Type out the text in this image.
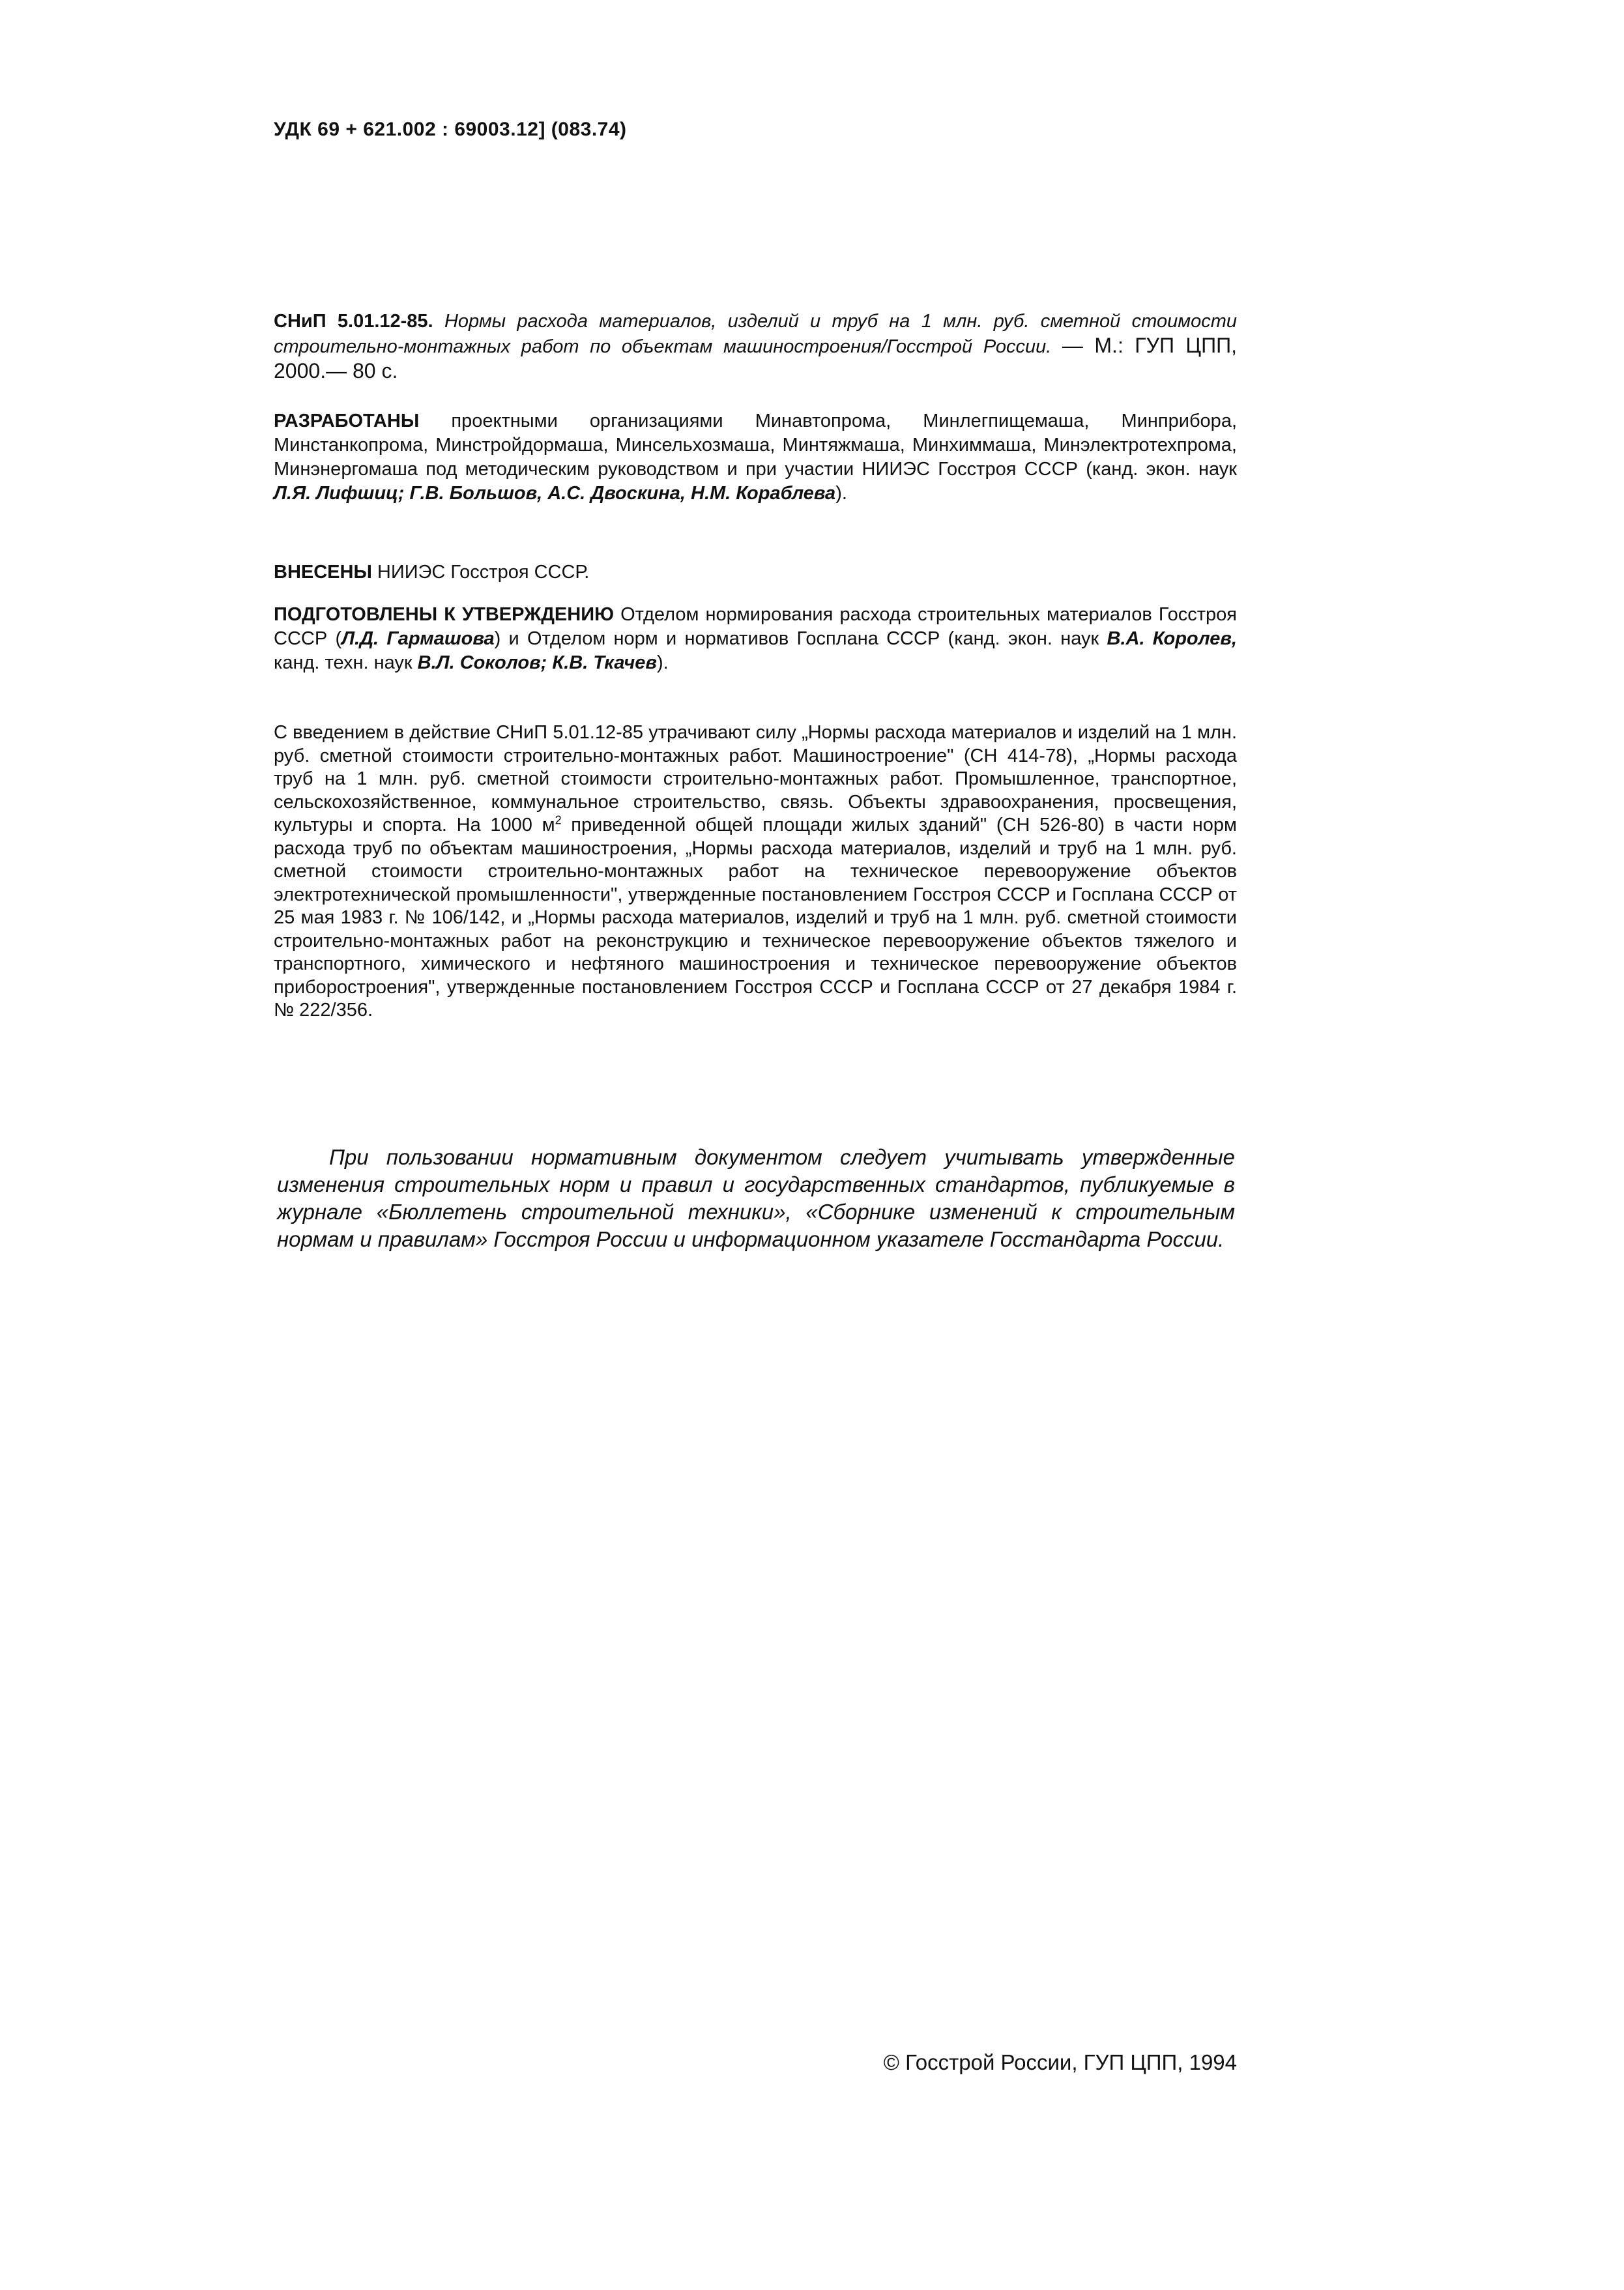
УДК 69 + 621.002 : 69003.12] (083.74)
СНиП 5.01.12-85. Нормы расхода материалов, изделий и труб на 1 млн. руб. сметной стоимости строительно-монтажных работ по объектам машиностроения/Госстрой России. — М.: ГУП ЦПП, 2000.— 80 с.
РАЗРАБОТАНЫ проектными организациями Минавтопрома, Минлегпищемаша, Минприбора, Минстанкопрома, Минстройдормаша, Минсельхозмаша, Минтяжмаша, Минхиммаша, Минэлектротехпрома, Минэнергомаша под методическим руководством и при участии НИИЭС Госстроя СССР (канд. экон. наук Л.Я. Лифшиц; Г.В. Большов, А.С. Двоскина, Н.М. Кораблева).
ВНЕСЕНЫ НИИЭС Госстроя СССР.
ПОДГОТОВЛЕНЫ К УТВЕРЖДЕНИЮ Отделом нормирования расхода строительных материалов Госстроя СССР (Л.Д. Гармашова) и Отделом норм и нормативов Госплана СССР (канд. экон. наук В.А. Королев, канд. техн. наук В.Л. Соколов; К.В. Ткачев).
С введением в действие СНиП 5.01.12-85 утрачивают силу „Нормы расхода материалов и изделий на 1 млн. руб. сметной стоимости строительно-монтажных работ. Машиностроение" (СН 414-78), „Нормы расхода труб на 1 млн. руб. сметной стоимости строительно-монтажных работ. Промышленное, транспортное, сельскохозяйственное, коммунальное строительство, связь. Объекты здравоохранения, просвещения, культуры и спорта. На 1000 $м^2$ приведенной общей площади жилых зданий" (СН 526-80) в части норм расхода труб по объектам машиностроения, „Нормы расхода материалов, изделий и труб на 1 млн. руб. сметной стоимости строительно-монтажных работ на техническое перевооружение объектов электротехнической промышленности", утвержденные постановлением Госстроя СССР и Госплана СССР от 25 мая 1983 г. № 106/142, и „Нормы расхода материалов, изделий и труб на 1 млн. руб. сметной стоимости строительно-монтажных работ на реконструкцию и техническое перевооружение объектов тяжелого и транспортного, химического и нефтяного машиностроения и техническое перевооружение объектов приборостроения", утвержденные постановлением Госстроя СССР и Госплана СССР от 27 декабря 1984 г. № 222/356.
При пользовании нормативным документом следует учитывать утвержденные изменения строительных норм и правил и государственных стандартов, публикуемые в журнале «Бюллетень строительной техники», «Сборнике изменений к строительным нормам и правилам» Госстроя России и информационном указателе Госстандарта России.
© Госстрой России, ГУП ЦПП, 1994
